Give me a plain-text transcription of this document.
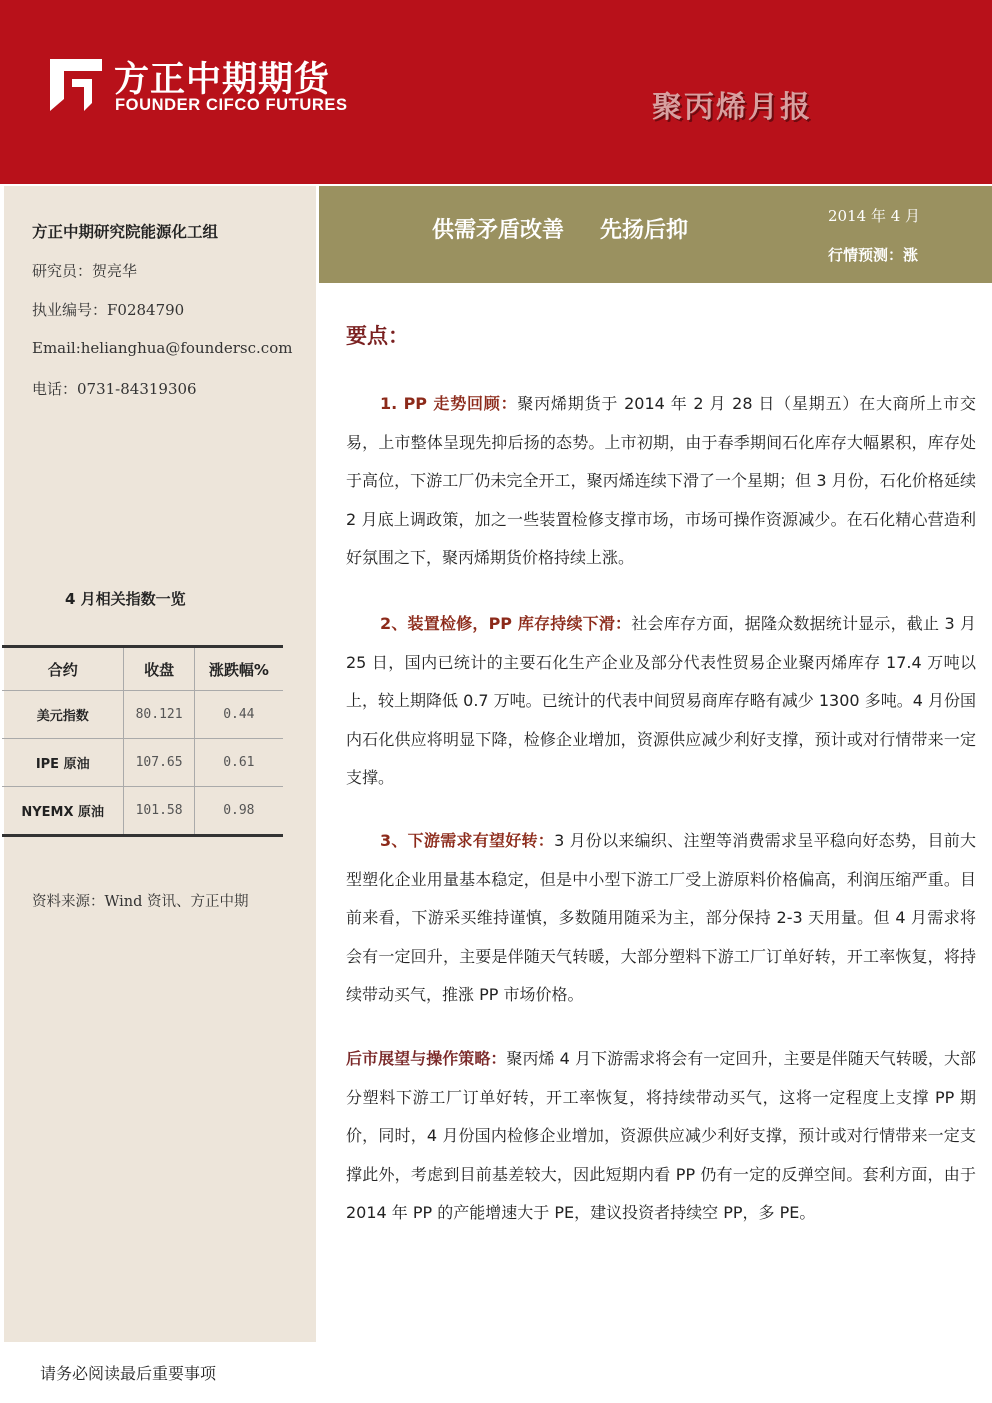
方正中期期货
FOUNDER CIFCO FUTURES	聚丙烯月报
供需矛盾改善 先扬后抑
2014 年 4 月
行情预测：涨
方正中期研究院能源化工组
研究员：贺亮华
执业编号：F0284790
Email:helianghua@foundersc.com
电话：0731-84319306
4 月相关指数一览
合约	收盘	涨跌幅%
美元指数	80.121	0.44
IPE 原油	107.65	0.61
NYEMX 原油	101.58	0.98
资料来源：Wind 资讯、方正中期
要点：

1. PP 走势回顾：聚丙烯期货于 2014 年 2 月 28 日（星期五）在大商所上市交易，上市整体呈现先抑后扬的态势。上市初期，由于春季期间石化库存大幅累积，库存处于高位，下游工厂仍未完全开工，聚丙烯连续下滑了一个星期；但 3 月份，石化价格延续 2 月底上调政策，加之一些装置检修支撑市场，市场可操作资源减少。在石化精心营造利好氛围之下，聚丙烯期货价格持续上涨。

2、装置检修，PP 库存持续下滑：社会库存方面，据隆众数据统计显示，截止 3 月 25 日，国内已统计的主要石化生产企业及部分代表性贸易企业聚丙烯库存 17.4 万吨以上，较上期降低 0.7 万吨。已统计的代表中间贸易商库存略有减少 1300 多吨。4 月份国内石化供应将明显下降，检修企业增加，资源供应减少利好支撑，预计或对行情带来一定支撑。

3、下游需求有望好转：3 月份以来编织、注塑等消费需求呈平稳向好态势，目前大型塑化企业用量基本稳定，但是中小型下游工厂受上游原料价格偏高，利润压缩严重。目前来看，下游采买维持谨慎，多数随用随采为主，部分保持 2-3 天用量。但 4 月需求将会有一定回升，主要是伴随天气转暖，大部分塑料下游工厂订单好转，开工率恢复，将持续带动买气，推涨 PP 市场价格。

后市展望与操作策略：聚丙烯 4 月下游需求将会有一定回升，主要是伴随天气转暖，大部分塑料下游工厂订单好转，开工率恢复，将持续带动买气，这将一定程度上支撑 PP 期价，同时，4 月份国内检修企业增加，资源供应减少利好支撑，预计或对行情带来一定支撑此外，考虑到目前基差较大，因此短期内看 PP 仍有一定的反弹空间。套利方面，由于 2014 年 PP 的产能增速大于 PE，建议投资者持续空 PP，多 PE。

请务必阅读最后重要事项
